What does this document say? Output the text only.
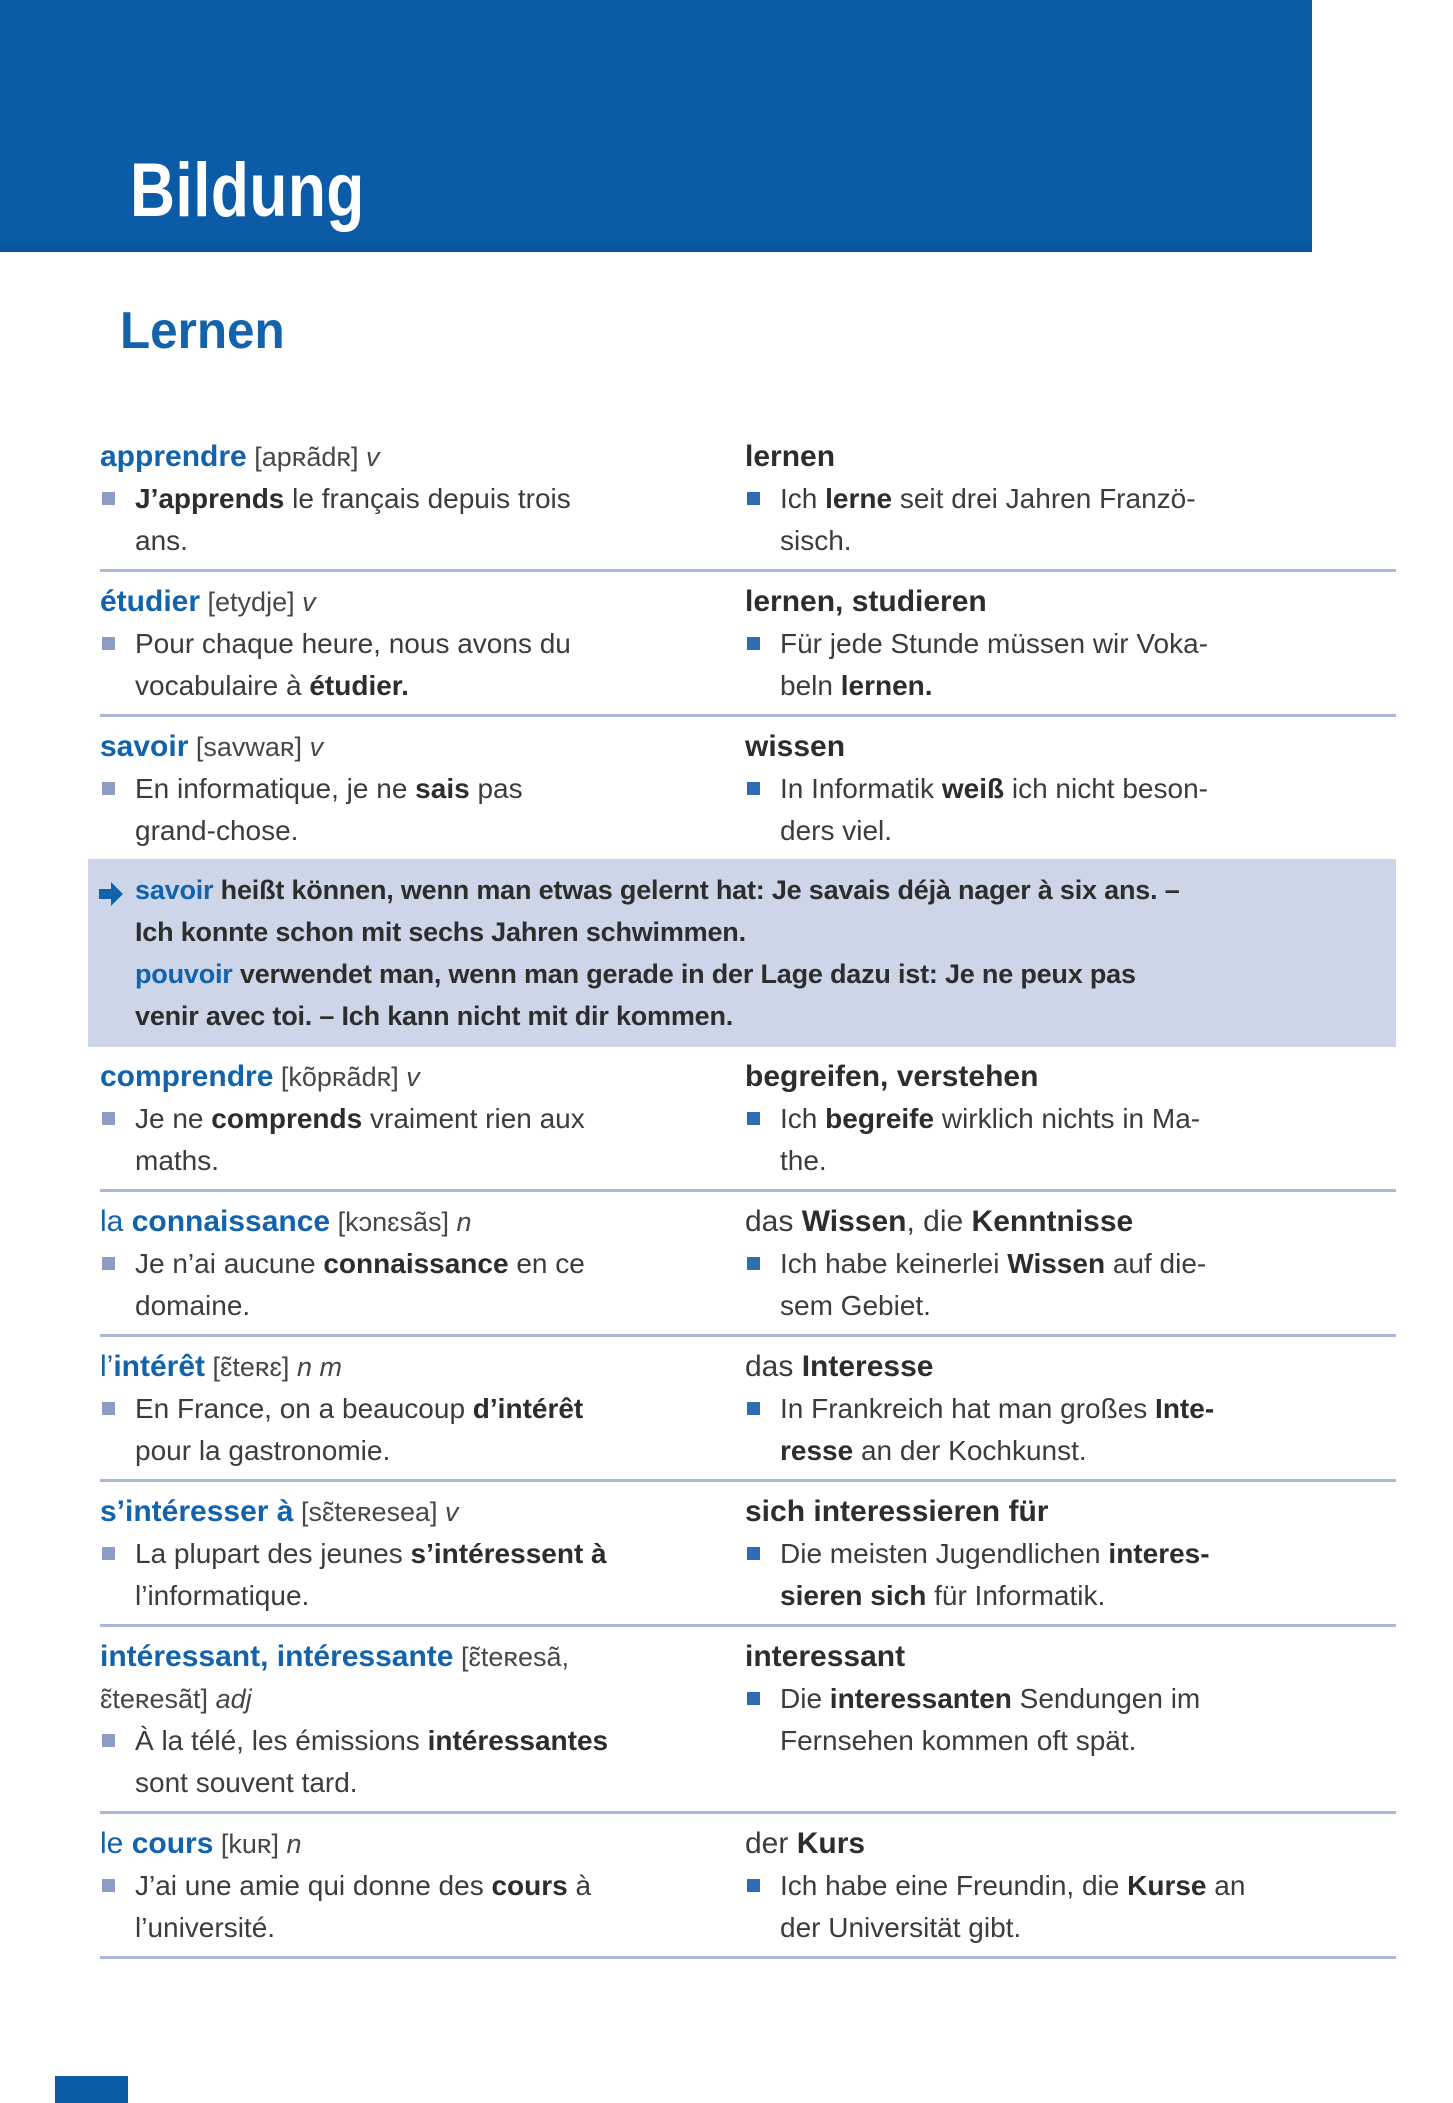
Bildung
Lernen
apprendre [apʀãdʀ] v
J’apprends le français depuis trois
ans.
lernen
Ich lerne seit drei Jahren Franzö-
sisch.
étudier [etydje] v
Pour chaque heure, nous avons du
vocabulaire à étudier.
lernen, studieren
Für jede Stunde müssen wir Voka-
beln lernen.
savoir [savwaʀ] v
En informatique, je ne sais pas
grand-chose.
wissen
In Informatik weiß ich nicht beson-
ders viel.

savoir heißt können, wenn man etwas gelernt hat: Je savais déjà nager à six ans. –
Ich konnte schon mit sechs Jahren schwimmen.

pouvoir verwendet man, wenn man gerade in der Lage dazu ist: Je ne peux pas
venir avec toi. – Ich kann nicht mit dir kommen.

comprendre [kõpʀãdʀ] v
Je ne comprends vraiment rien aux
maths.
begreifen, verstehen
Ich begreife wirklich nichts in Ma-
the.
la connaissance [kɔnɛsãs] n
Je n’ai aucune connaissance en ce
domaine.
das Wissen, die Kenntnisse
Ich habe keinerlei Wissen auf die-
sem Gebiet.
l’intérêt [ɛ̃teʀɛ] n m
En France, on a beaucoup d’intérêt
pour la gastronomie.
das Interesse
In Frankreich hat man großes Inte-
resse an der Kochkunst.
s’intéresser à [sɛ̃teʀesea] v
La plupart des jeunes s’intéressent à
l’informatique.
sich interessieren für
Die meisten Jugendlichen interes-
sieren sich für Informatik.
intéressant, intéressante [ɛ̃teʀesã,
ɛ̃teʀesãt] adj
À la télé, les émissions intéressantes
sont souvent tard.
interessant
Die interessanten Sendungen im
Fernsehen kommen oft spät.
le cours [kuʀ] n
J’ai une amie qui donne des cours à
l’université.
der Kurs
Ich habe eine Freundin, die Kurse an
der Universität gibt.
